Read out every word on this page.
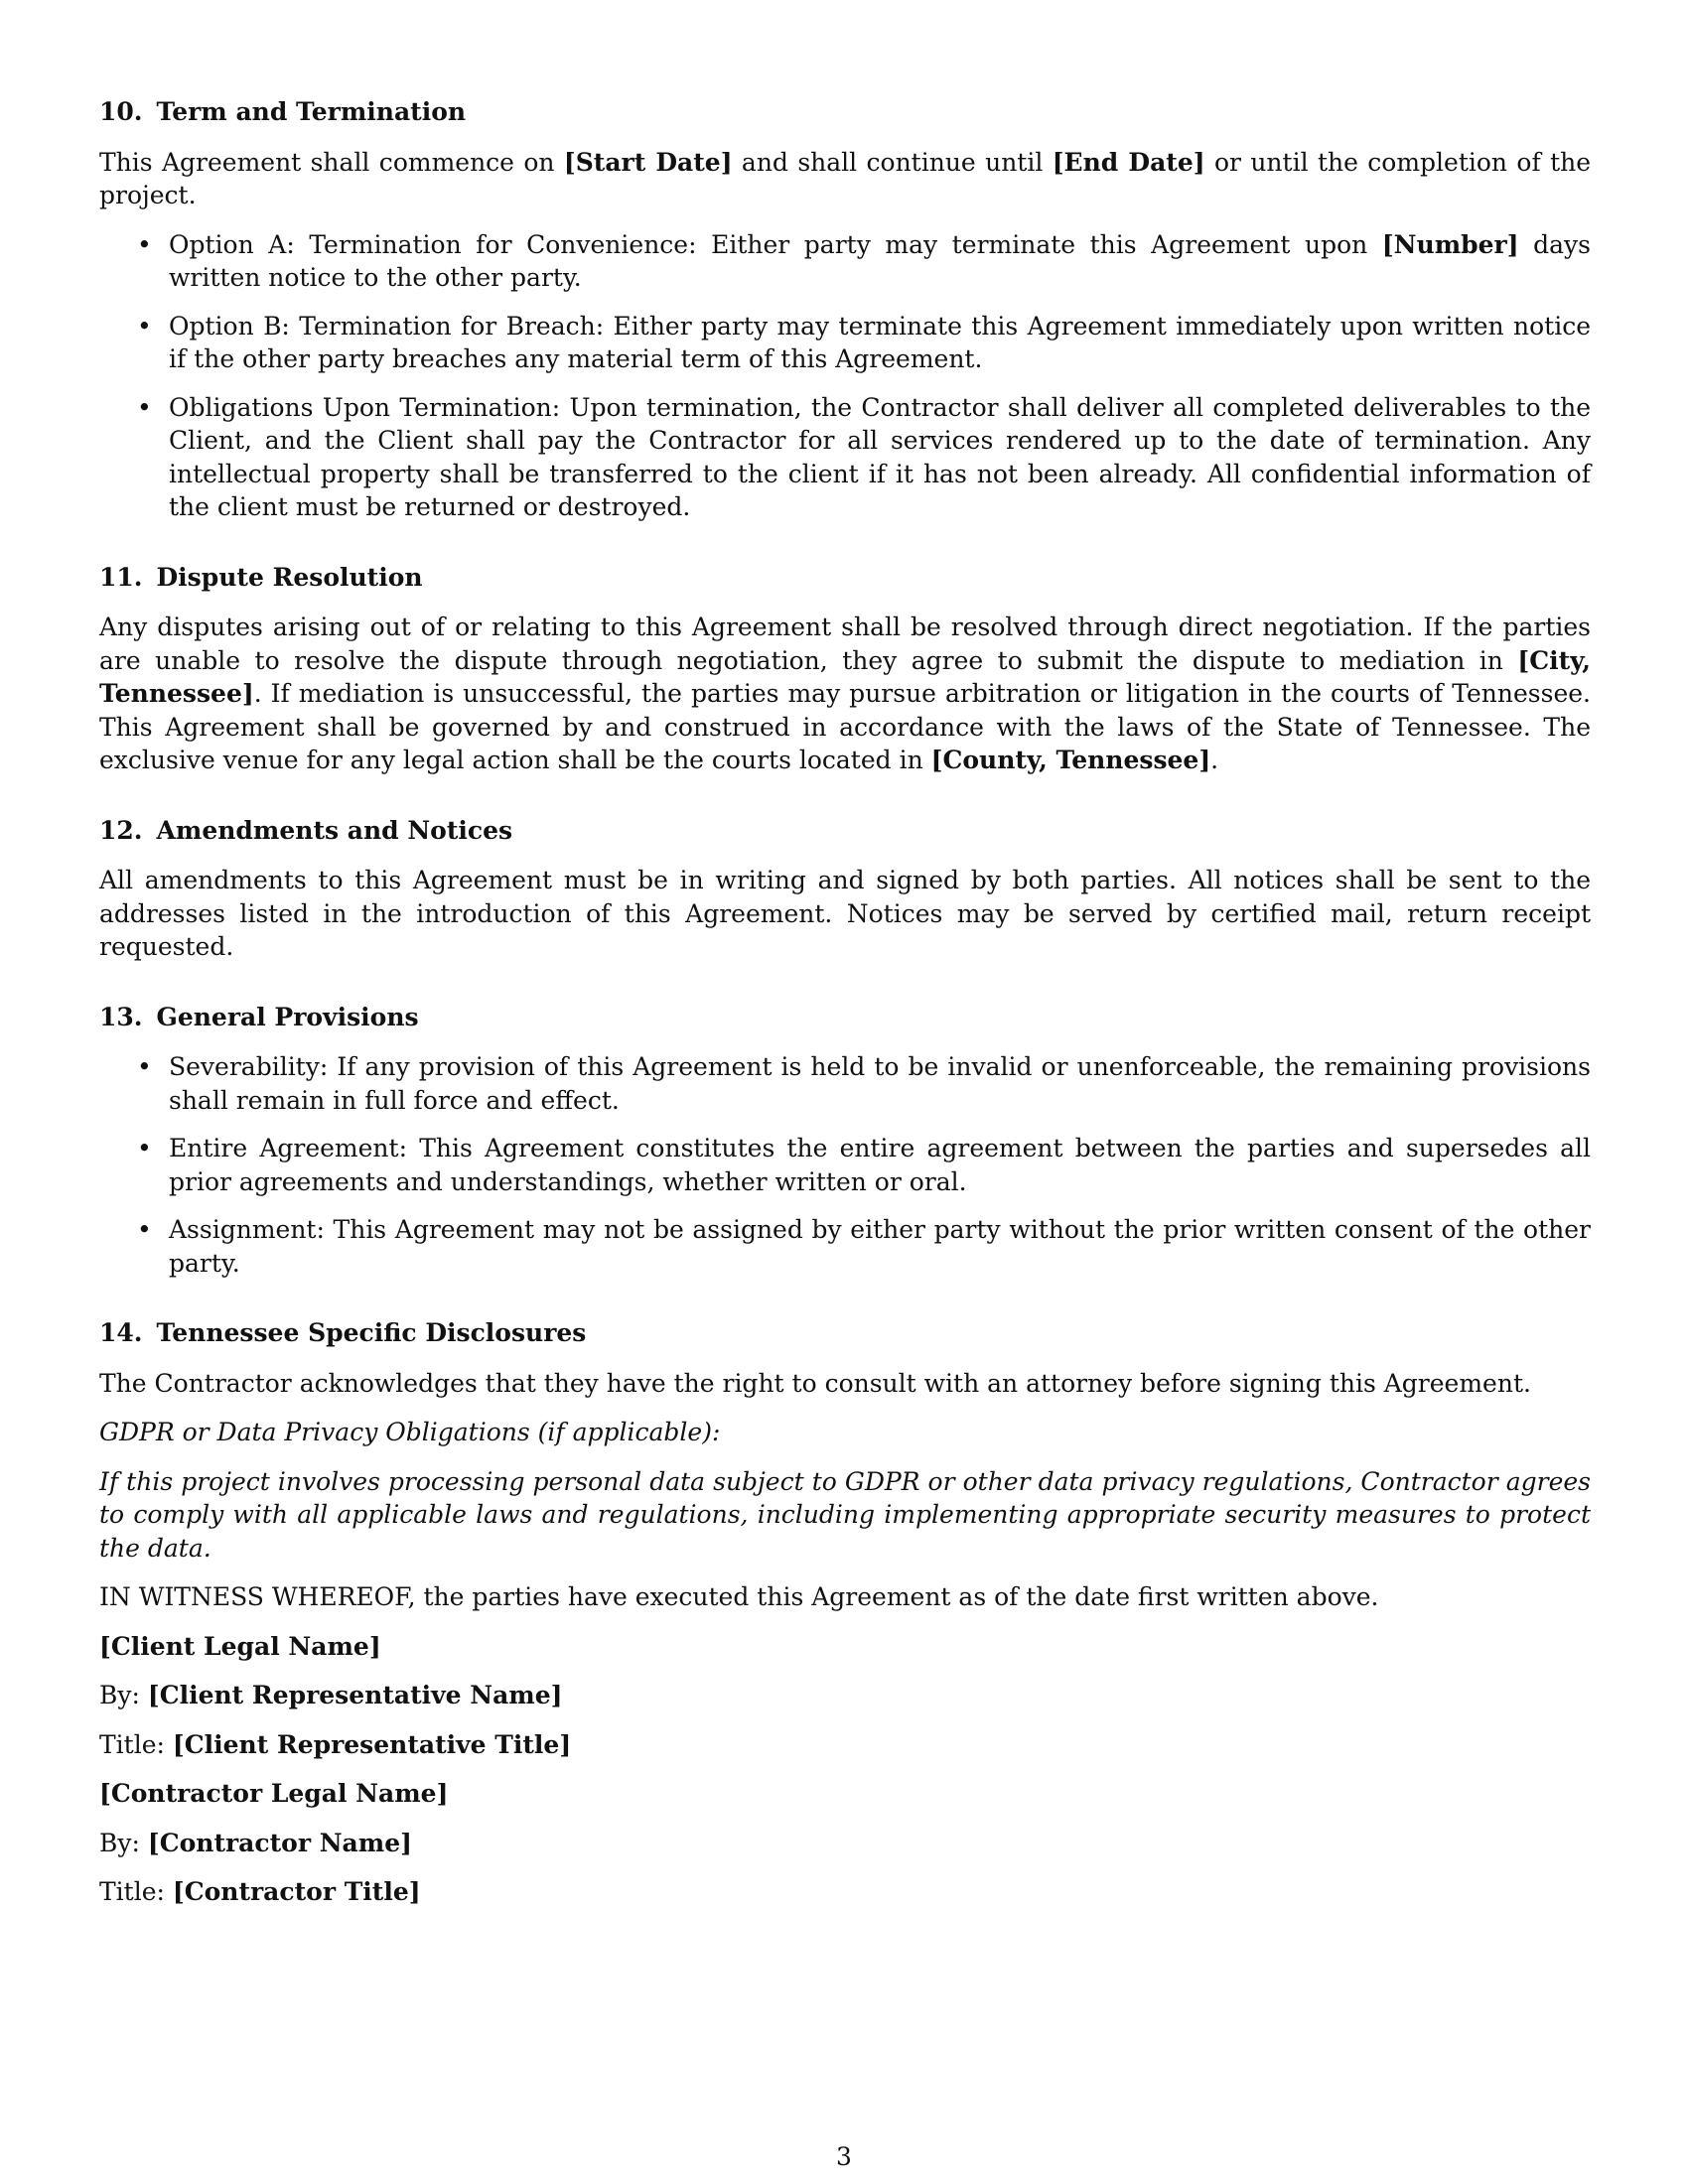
10. Term and Termination

This Agreement shall commence on [Start Date] and shall continue until [End Date] or until the completion of the project.

• Option A: Termination for Convenience: Either party may terminate this Agreement upon [Number] days written notice to the other party.
• Option B: Termination for Breach: Either party may terminate this Agreement immediately upon written notice if the other party breaches any material term of this Agreement.
• Obligations Upon Termination: Upon termination, the Contractor shall deliver all completed deliverables to the Client, and the Client shall pay the Contractor for all services rendered up to the date of termination. Any intellectual property shall be transferred to the client if it has not been already. All confidential information of the client must be returned or destroyed.
11. Dispute Resolution

Any disputes arising out of or relating to this Agreement shall be resolved through direct negotiation. If the parties are unable to resolve the dispute through negotiation, they agree to submit the dispute to mediation in [City, Tennessee]. If mediation is unsuccessful, the parties may pursue arbitration or litigation in the courts of Tennessee. This Agreement shall be governed by and construed in accordance with the laws of the State of Tennessee. The exclusive venue for any legal action shall be the courts located in [County, Tennessee].

12. Amendments and Notices

All amendments to this Agreement must be in writing and signed by both parties. All notices shall be sent to the addresses listed in the introduction of this Agreement. Notices may be served by certified mail, return receipt requested.

13. General Provisions
• Severability: If any provision of this Agreement is held to be invalid or unenforceable, the remaining provisions shall remain in full force and effect.
• Entire Agreement: This Agreement constitutes the entire agreement between the parties and supersedes all prior agreements and understandings, whether written or oral.
• Assignment: This Agreement may not be assigned by either party without the prior written consent of the other party.
14. Tennessee Specific Disclosures

The Contractor acknowledges that they have the right to consult with an attorney before signing this Agreement.

GDPR or Data Privacy Obligations (if applicable):

If this project involves processing personal data subject to GDPR or other data privacy regulations, Contractor agrees to comply with all applicable laws and regulations, including implementing appropriate security measures to protect the data.

IN WITNESS WHEREOF, the parties have executed this Agreement as of the date first written above.

[Client Legal Name]

By: [Client Representative Name]

Title: [Client Representative Title]

[Contractor Legal Name]

By: [Contractor Name]

Title: [Contractor Title]

3
